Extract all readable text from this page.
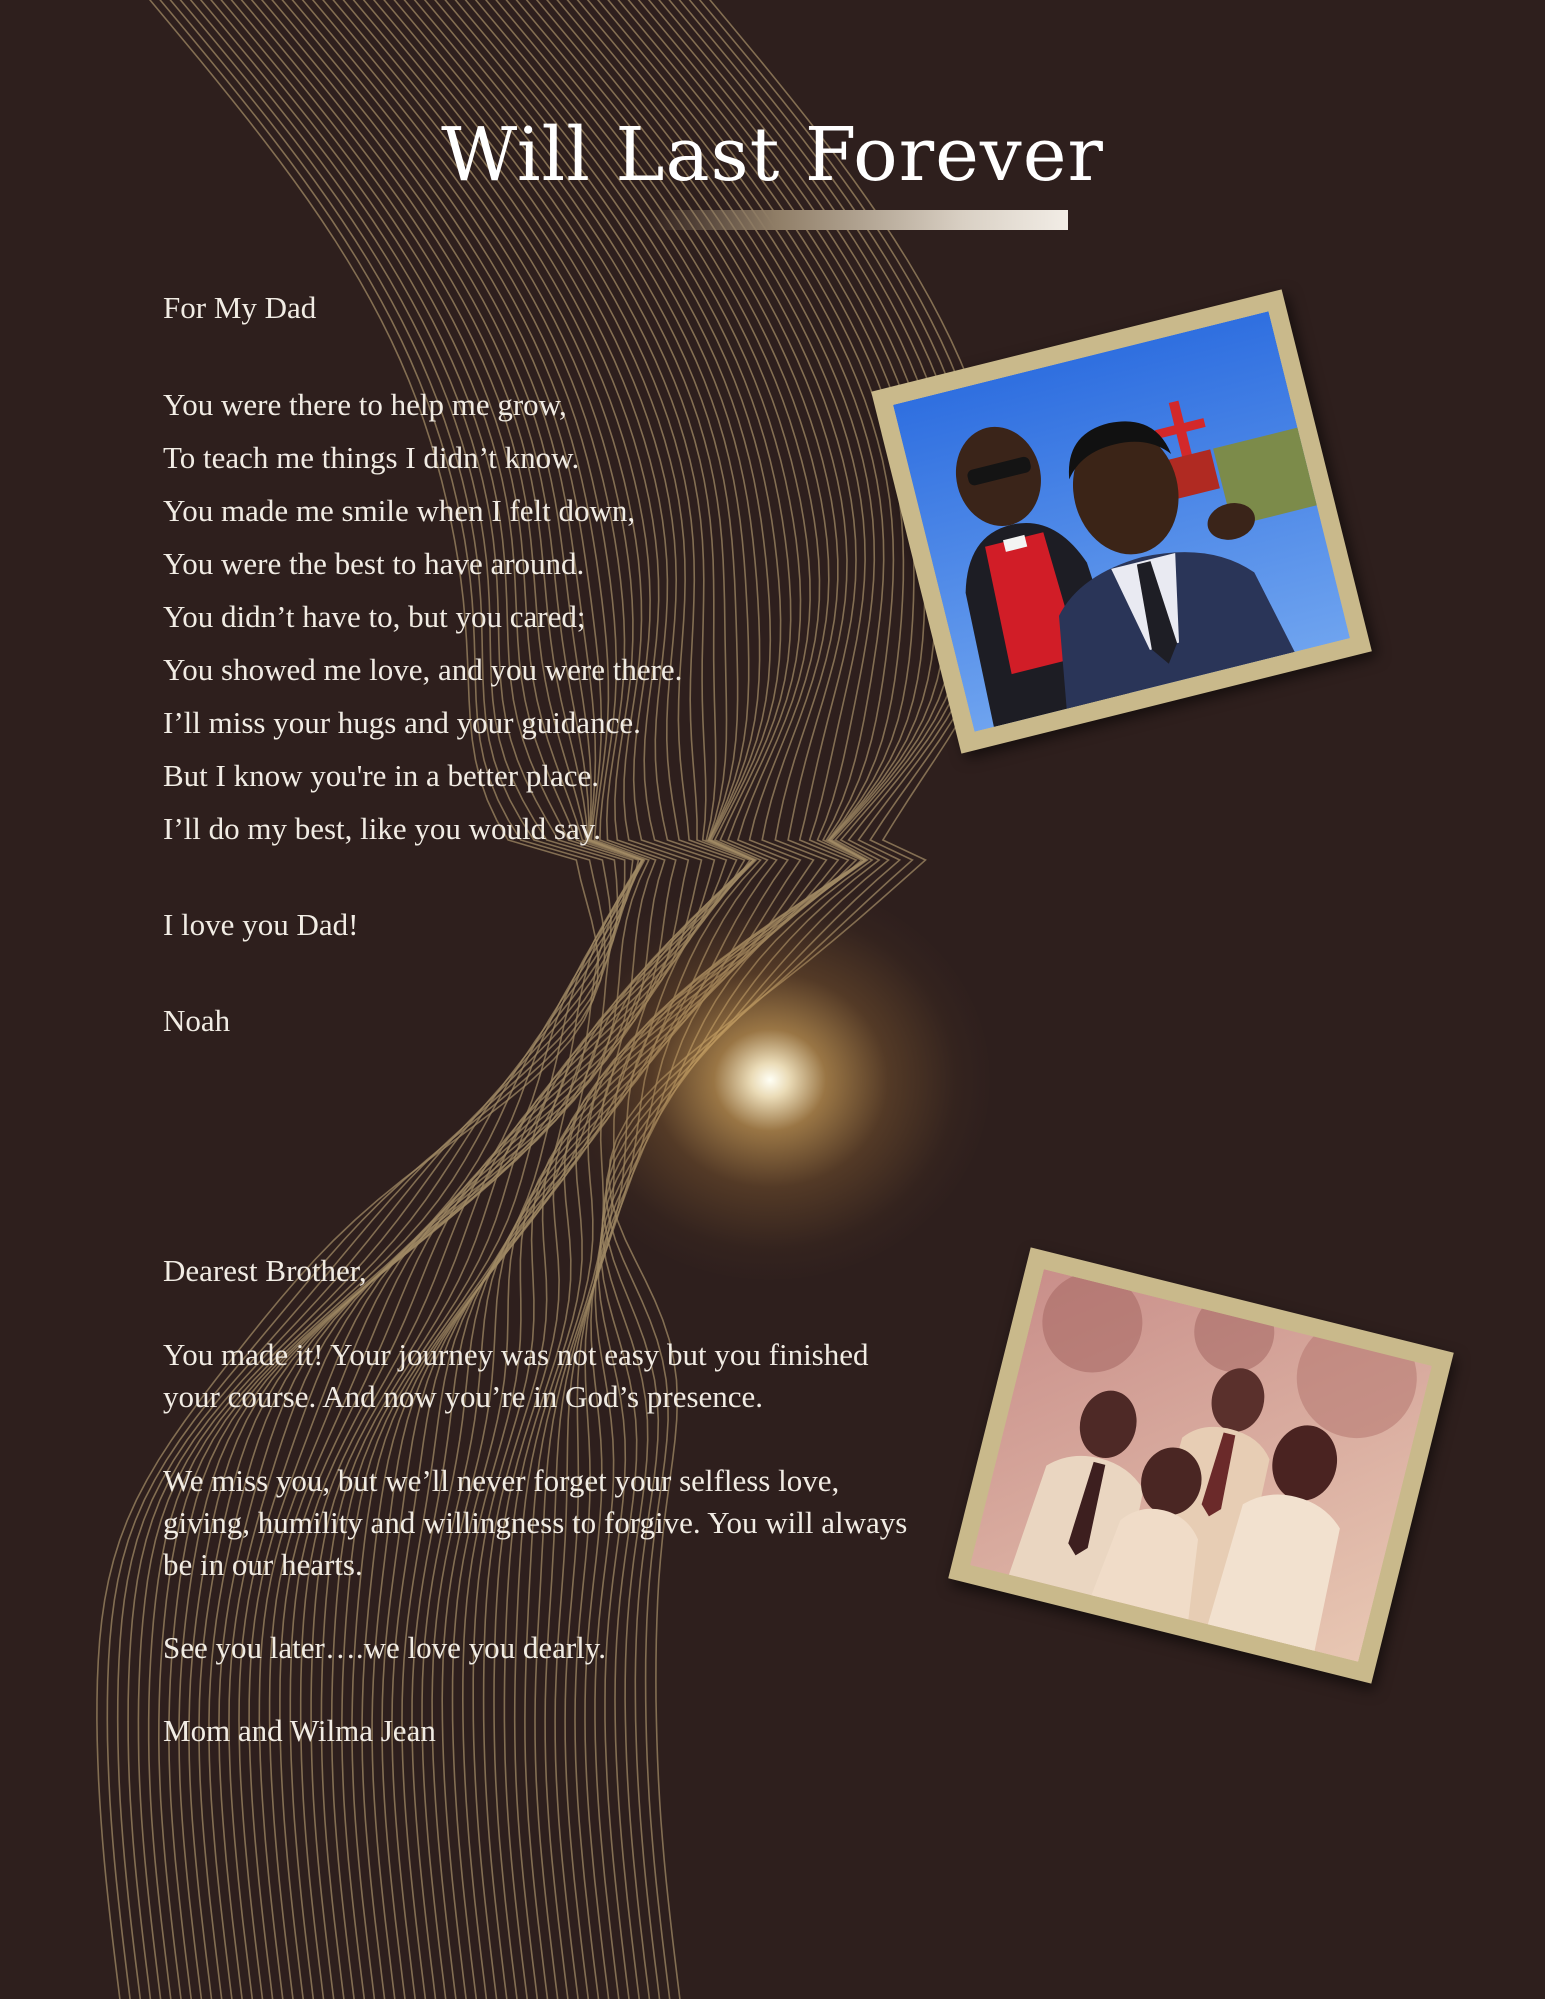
Will Last Forever

For My Dad

You were there to help me grow,

To teach me things I didn’t know.

You made me smile when I felt down,

You were the best to have around.

You didn’t have to, but you cared;

You showed me love, and you were there.

I’ll miss your hugs and your guidance.

But I know you're in a better place.

I’ll do my best, like you would say.

I love you Dad!

Noah

Dearest Brother,

You made it! Your journey was not easy but you finished

your course. And now you’re in God’s presence.

We miss you, but we’ll never forget your selfless love,

giving, humility and willingness to forgive. You will always

be in our hearts.

See you later….we love you dearly.

Mom and Wilma Jean
